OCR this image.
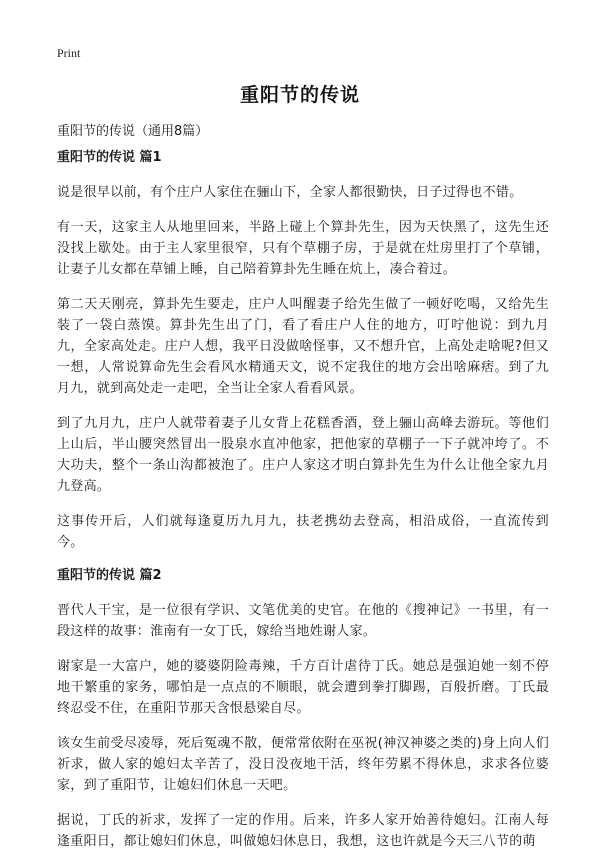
Print
重阳节的传说
重阳节的传说（通用8篇）
重阳节的传说 篇1

说是很早以前，有个庄户人家住在骊山下，全家人都很勤快，日子过得也不错。

有一天，这家主人从地里回来，半路上碰上个算卦先生，因为天快黑了，这先生还没找上歇处。由于主人家里很窄，只有个草棚子房，于是就在灶房里打了个草铺，让妻子儿女都在草铺上睡，自己陪着算卦先生睡在炕上，凑合着过。

第二天天刚亮，算卦先生要走，庄户人叫醒妻子给先生做了一顿好吃喝，又给先生装了一袋白蒸馍。算卦先生出了门，看了看庄户人住的地方，叮咛他说：到九月九，全家高处走。庄户人想，我平日没做啥怪事，又不想升官，上高处走啥呢?但又一想，人常说算命先生会看风水精通天文，说不定我住的地方会出啥麻痞。到了九月九，就到高处走一走吧，全当让全家人看看风景。

到了九月九，庄户人就带着妻子儿女背上花糕香酒，登上骊山高峰去游玩。等他们上山后，半山腰突然冒出一股泉水直冲他家，把他家的草棚子一下子就冲垮了。不大功夫，整个一条山沟都被泡了。庄户人家这才明白算卦先生为什么让他全家九月九登高。

这事传开后，人们就每逢夏历九月九，扶老携幼去登高，相沿成俗，一直流传到今。

重阳节的传说 篇2

晋代人干宝，是一位很有学识、文笔优美的史官。在他的《搜神记》一书里，有一段这样的故事：淮南有一女丁氏，嫁给当地姓谢人家。

谢家是一大富户，她的婆婆阴险毒辣，千方百计虐待丁氏。她总是强迫她一刻不停地干繁重的家务，哪怕是一点点的不顺眼，就会遭到拳打脚踢，百般折磨。丁氏最终忍受不住，在重阳节那天含恨悬梁自尽。

该女生前受尽凌辱，死后冤魂不散，便常常依附在巫祝(神汉神婆之类的)身上向人们祈求，做人家的媳妇太辛苦了，没日没夜地干活，终年劳累不得休息，求求各位婆家，到了重阳节，让媳妇们休息一天吧。

据说，丁氏的祈求，发挥了一定的作用。后来，许多人家开始善待媳妇。江南人每逢重阳日，都让媳妇们休息，叫做媳妇休息日，我想，这也许就是今天三八节的萌
